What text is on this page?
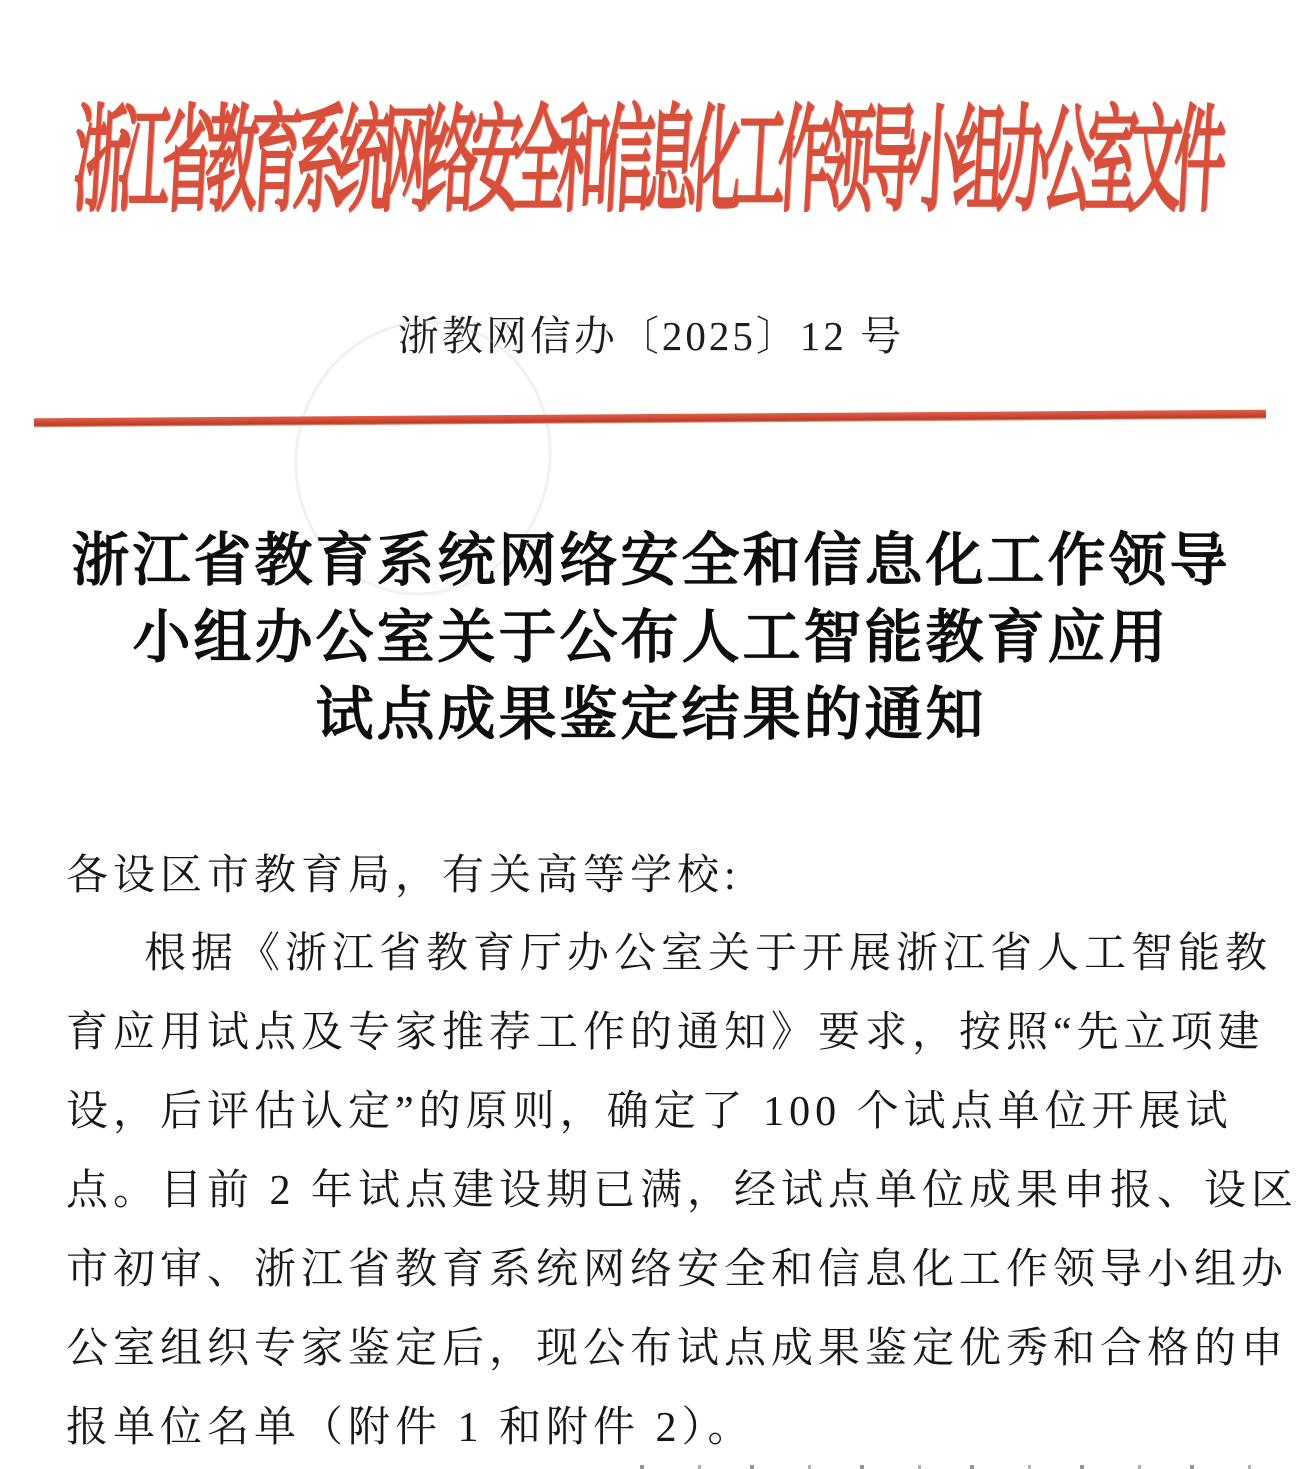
浙江省教育系统网络安全和信息化工作领导小组办公室文件
浙教网信办〔2025〕12 号
浙江省教育系统网络安全和信息化工作领导
小组办公室关于公布人工智能教育应用
试点成果鉴定结果的通知
各设区市教育局，有关高等学校:
根据《浙江省教育厅办公室关于开展浙江省人工智能教
育应用试点及专家推荐工作的通知》要求，按照“先立项建
设，后评估认定”的原则，确定了 100 个试点单位开展试
点。目前 2 年试点建设期已满，经试点单位成果申报、设区
市初审、浙江省教育系统网络安全和信息化工作领导小组办
公室组织专家鉴定后，现公布试点成果鉴定优秀和合格的申
报单位名单（附件 1 和附件 2）。
